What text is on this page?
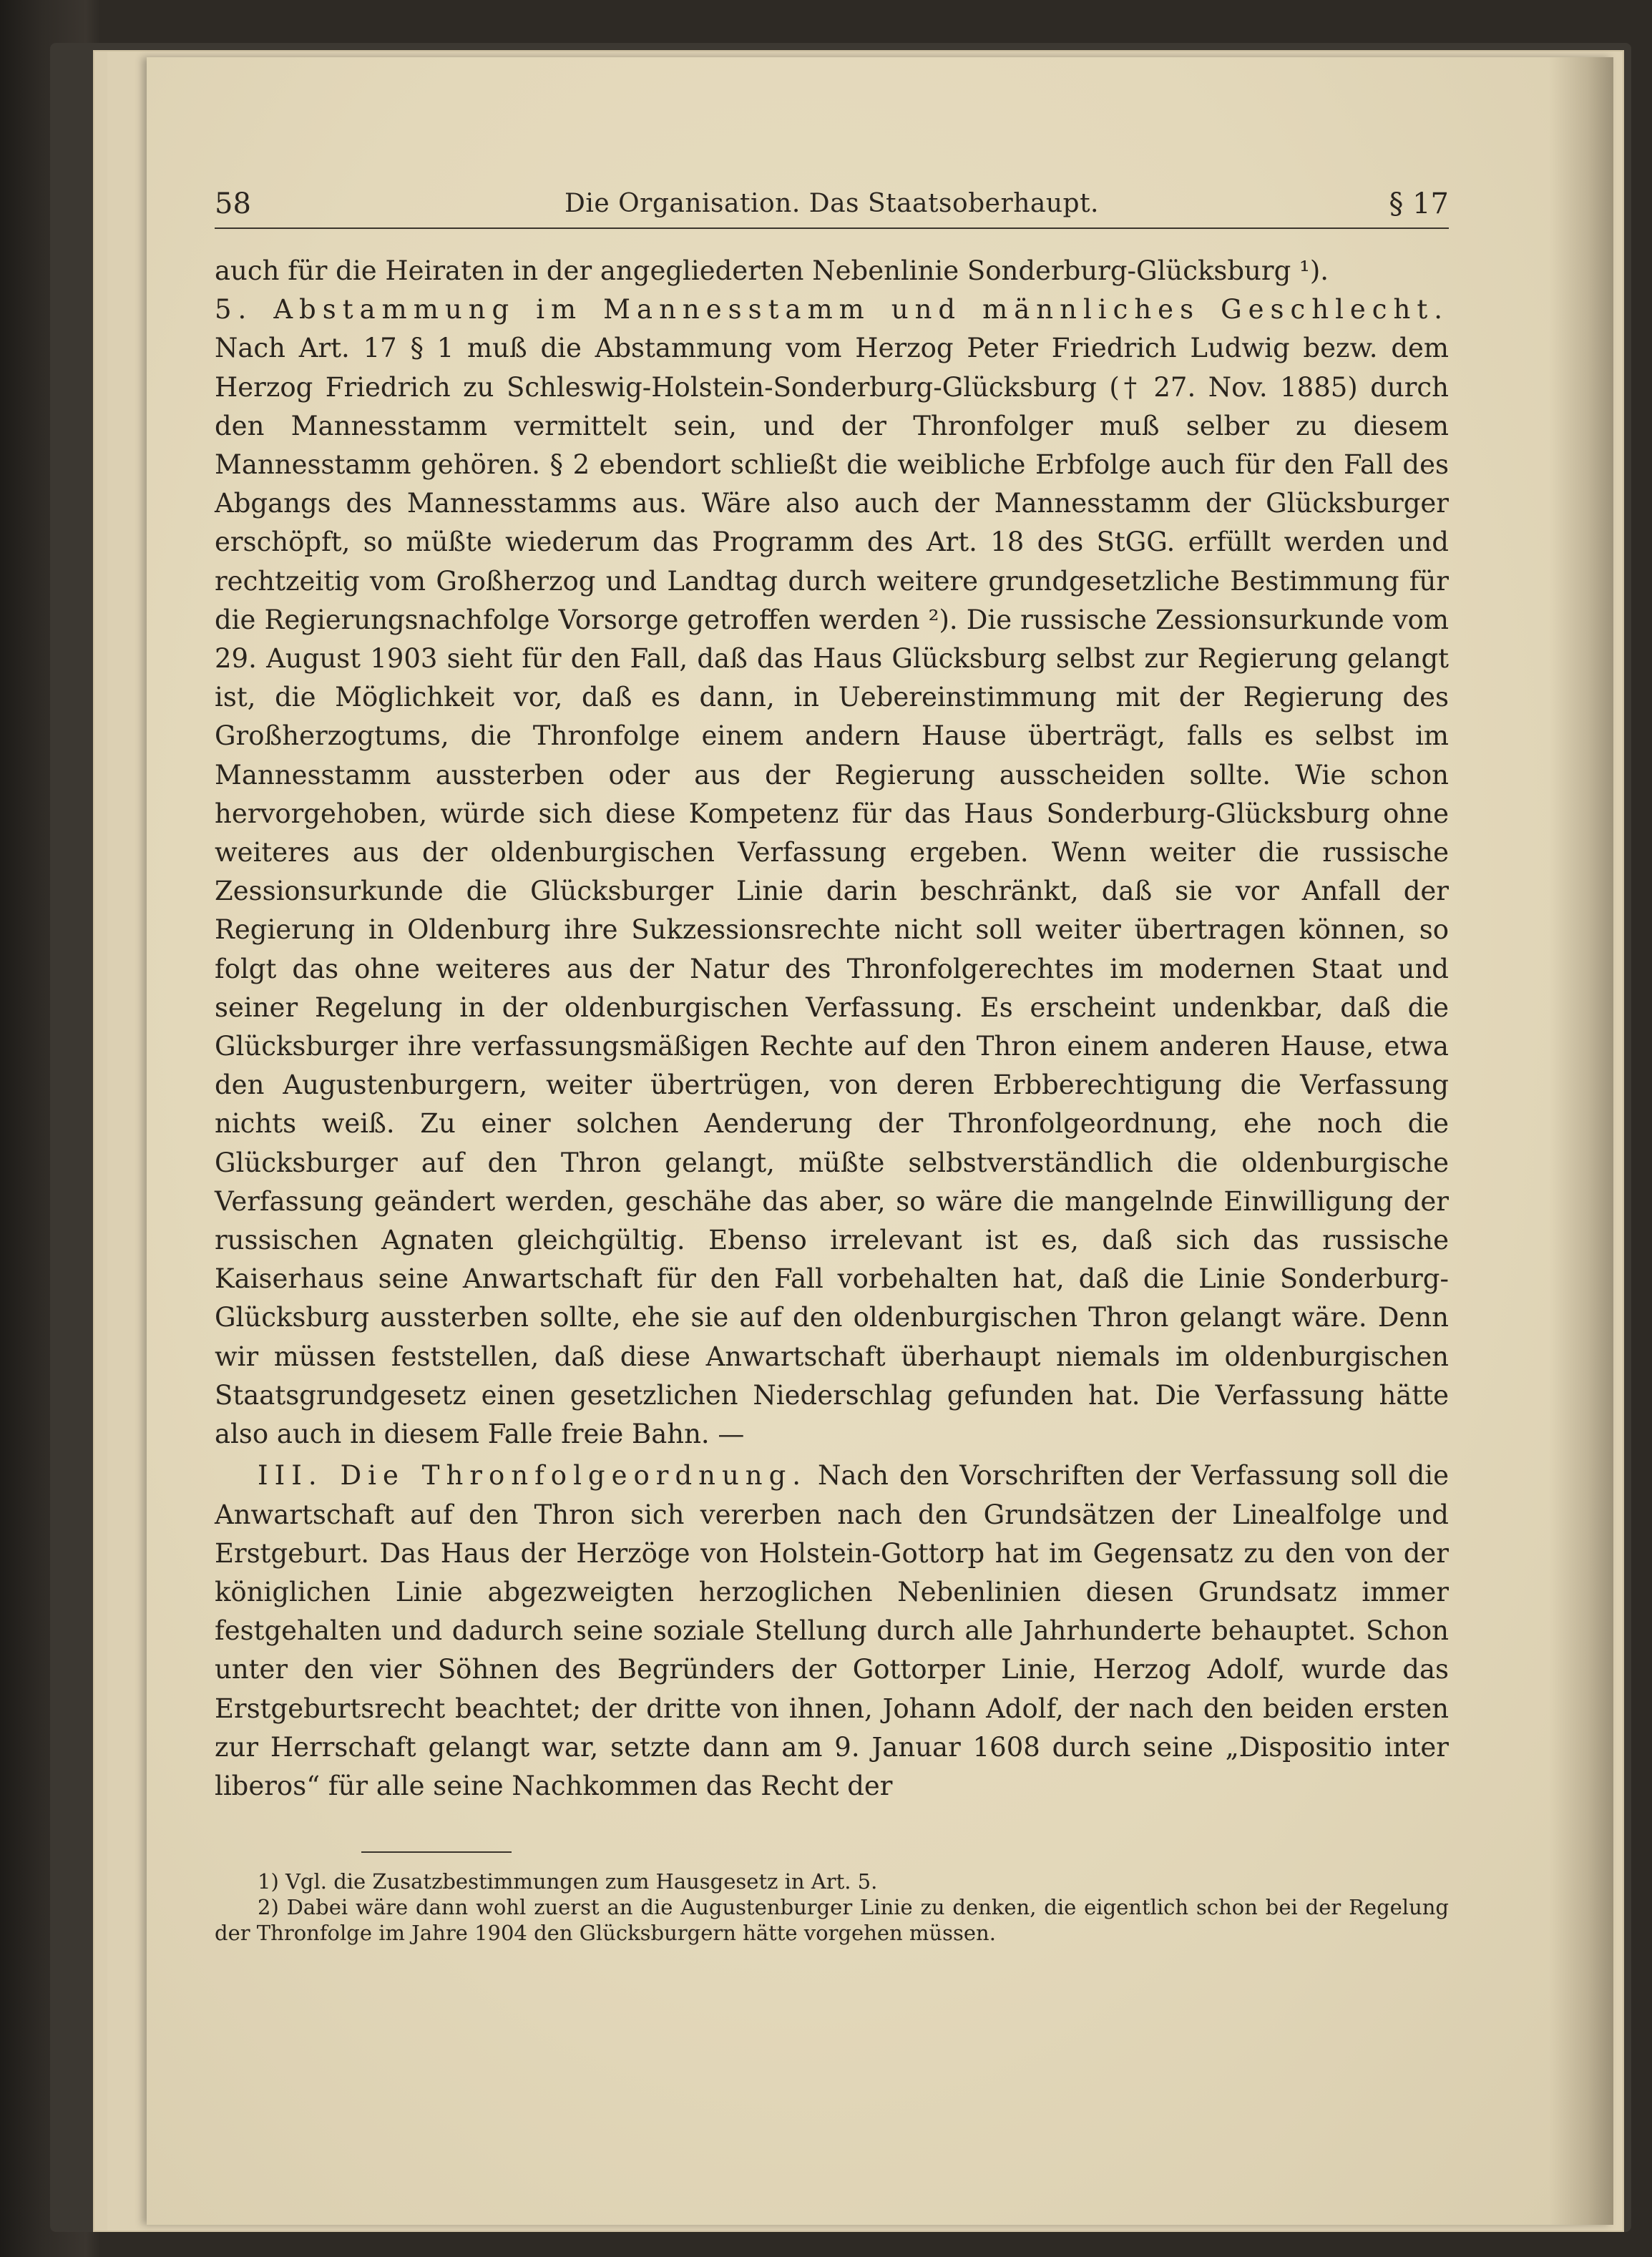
58	Die Organisation. Das Staatsoberhaupt.	§ 17

auch für die Heiraten in der angegliederten Nebenlinie Sonderburg-Glücksburg ¹).

5. Abstammung im Mannesstamm und männliches Geschlecht. Nach Art. 17 § 1 muß die Abstammung vom Herzog Peter Friedrich Ludwig bezw. dem Herzog Friedrich zu Schleswig-Holstein-Sonderburg-Glücksburg († 27. Nov. 1885) durch den Mannesstamm vermittelt sein, und der Thronfolger muß selber zu diesem Mannesstamm gehören. § 2 ebendort schließt die weibliche Erbfolge auch für den Fall des Abgangs des Mannesstamms aus. Wäre also auch der Mannesstamm der Glücksburger erschöpft, so müßte wiederum das Programm des Art. 18 des StGG. erfüllt werden und rechtzeitig vom Großherzog und Landtag durch weitere grundgesetzliche Bestimmung für die Regierungsnachfolge Vorsorge getroffen werden ²). Die russische Zessionsurkunde vom 29. August 1903 sieht für den Fall, daß das Haus Glücksburg selbst zur Regierung gelangt ist, die Möglichkeit vor, daß es dann, in Uebereinstimmung mit der Regierung des Großherzogtums, die Thronfolge einem andern Hause überträgt, falls es selbst im Mannesstamm aussterben oder aus der Regierung ausscheiden sollte. Wie schon hervorgehoben, würde sich diese Kompetenz für das Haus Sonderburg-Glücksburg ohne weiteres aus der oldenburgischen Verfassung ergeben. Wenn weiter die russische Zessionsurkunde die Glücksburger Linie darin beschränkt, daß sie vor Anfall der Regierung in Oldenburg ihre Sukzessionsrechte nicht soll weiter übertragen können, so folgt das ohne weiteres aus der Natur des Thronfolgerechtes im modernen Staat und seiner Regelung in der oldenburgischen Verfassung. Es erscheint undenkbar, daß die Glücksburger ihre verfassungsmäßigen Rechte auf den Thron einem anderen Hause, etwa den Augustenburgern, weiter übertrügen, von deren Erbberechtigung die Verfassung nichts weiß. Zu einer solchen Aenderung der Thronfolgeordnung, ehe noch die Glücksburger auf den Thron gelangt, müßte selbstverständlich die oldenburgische Verfassung geändert werden, geschähe das aber, so wäre die mangelnde Einwilligung der russischen Agnaten gleichgültig. Ebenso irrelevant ist es, daß sich das russische Kaiserhaus seine Anwartschaft für den Fall vorbehalten hat, daß die Linie Sonderburg-Glücksburg aussterben sollte, ehe sie auf den oldenburgischen Thron gelangt wäre. Denn wir müssen feststellen, daß diese Anwartschaft überhaupt niemals im oldenburgischen Staatsgrundgesetz einen gesetzlichen Niederschlag gefunden hat. Die Verfassung hätte also auch in diesem Falle freie Bahn. —

III. Die Thronfolgeordnung. Nach den Vorschriften der Verfassung soll die Anwartschaft auf den Thron sich vererben nach den Grundsätzen der Linealfolge und Erstgeburt. Das Haus der Herzöge von Holstein-Gottorp hat im Gegensatz zu den von der königlichen Linie abgezweigten herzoglichen Nebenlinien diesen Grundsatz immer festgehalten und dadurch seine soziale Stellung durch alle Jahrhunderte behauptet. Schon unter den vier Söhnen des Begründers der Gottorper Linie, Herzog Adolf, wurde das Erstgeburtsrecht beachtet; der dritte von ihnen, Johann Adolf, der nach den beiden ersten zur Herrschaft gelangt war, setzte dann am 9. Januar 1608 durch seine „Dispositio inter liberos“ für alle seine Nachkommen das Recht der

1) Vgl. die Zusatzbestimmungen zum Hausgesetz in Art. 5.

2) Dabei wäre dann wohl zuerst an die Augustenburger Linie zu denken, die eigentlich schon bei der Regelung der Thronfolge im Jahre 1904 den Glücksburgern hätte vorgehen müssen.
